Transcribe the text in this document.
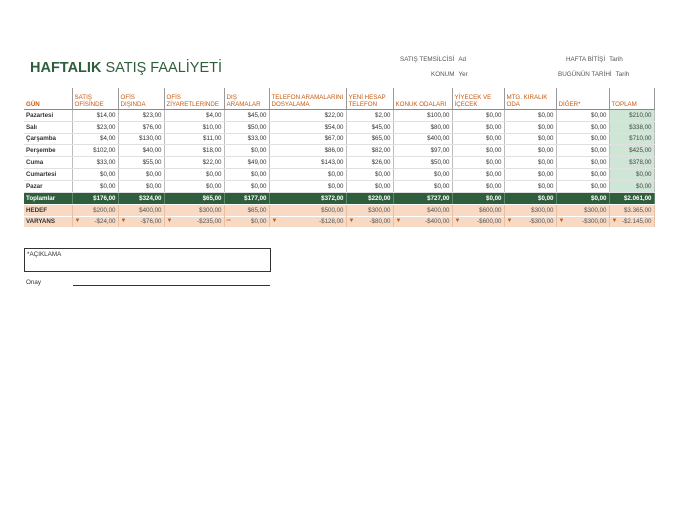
HAFTALIK SATIŞ FAALİYETİ
SATIŞ TEMSİLCİSİ Ad	HAFTA BİTİŞİ Tarih
KONUM Yer	BUGÜNÜN TARİHİ Tarih
GÜN	SATIŞ OFİSİNDE	OFİS DIŞINDA	OFİS ZİYARETLERİNDE	DIŞ ARAMALAR	TELEFON ARAMALARINI DOSYALAMA	YENİ HESAP TELEFON	KONUK ODALARI	YİYECEK VE İÇECEK	MTG. KIRALIK ODA	DİĞER*	TOPLAM
Pazartesi	$14,00	$23,00	$4,00	$45,00	$22,00	$2,00	$100,00	$0,00	$0,00	$0,00	$210,00
Salı	$23,00	$76,00	$10,00	$50,00	$54,00	$45,00	$80,00	$0,00	$0,00	$0,00	$338,00
Çarşamba	$4,00	$130,00	$11,00	$33,00	$67,00	$65,00	$400,00	$0,00	$0,00	$0,00	$710,00
Perşembe	$102,00	$40,00	$18,00	$0,00	$86,00	$82,00	$97,00	$0,00	$0,00	$0,00	$425,00
Cuma	$33,00	$55,00	$22,00	$49,00	$143,00	$26,00	$50,00	$0,00	$0,00	$0,00	$378,00
Cumartesi	$0,00	$0,00	$0,00	$0,00	$0,00	$0,00	$0,00	$0,00	$0,00	$0,00	$0,00
Pazar	$0,00	$0,00	$0,00	$0,00	$0,00	$0,00	$0,00	$0,00	$0,00	$0,00	$0,00
Toplamlar	$176,00	$324,00	$65,00	$177,00	$372,00	$220,00	$727,00	$0,00	$0,00	$0,00	$2.061,00
HEDEF	$200,00	$400,00	$300,00	$65,00	$500,00	$300,00	$400,00	$600,00	$300,00	$300,00	$3.365,00
VARYANS	▼ -$24,00	▼ -$76,00	▼ -$235,00	═ $0,00	▼ -$128,00	▼ -$80,00	▼ -$400,00	▼ -$600,00	▼ -$300,00	▼ -$300,00	▼ -$2.145,00
*AÇIKLAMA
Onay
